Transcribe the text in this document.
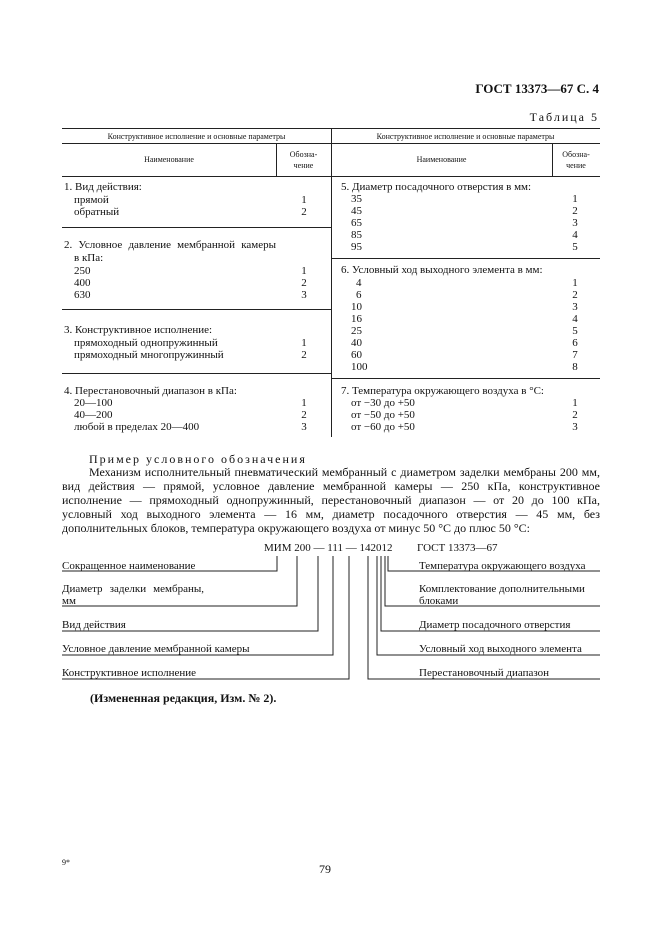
ГОСТ 13373—67 С. 4
Таблица 5
Конструктивное исполнение и основные параметры	Конструктивное исполнение и основные параметры
Наименование
Обозна-
чение
Наименование
Обозна-
чение
1. Вид действия:
прямой	1
обратный	2
2. Условное давление мембранной камеры
в кПа:
250	1
400	2
630	3
3. Конструктивное исполнение:
прямоходный однопружинный	1
прямоходный многопружинный	2
4. Перестановочный диапазон в кПа:
20—100	1
40—200	2
любой в пределах 20—400	3
5. Диаметр посадочного отверстия в мм:
35	1
45	2
65	3
85	4
95	5
6. Условный ход выходного элемента в мм:
4	1
6	2
10	3
16	4
25	5
40	6
60	7
100	8
7. Температура окружающего воздуха в °С:
от −30 до +50	1
от −50 до +50	2
от −60 до +50	3
Пример условного обозначения
Механизм исполнительный пневматический мембранный с диаметром заделки мембраны 200 мм, вид действия — прямой, условное давление мембранной камеры — 250 кПа, конструктивное исполнение — прямоходный однопружинный, перестановочный диапазон — от 20 до 100 кПа, условный ход выходного элемента — 16 мм, диаметр посадочного отверстия — 45 мм, без дополнительных блоков, температура окружающего воздуха от минус 50 °С до плюс 50 °С:
МИМ 200 — 111 — 142012 ГОСТ 13373—67
Сокращенное наименование
Диаметр заделки мембраны,
мм
Вид действия
Условное давление мембранной камеры
Конструктивное исполнение
Температура окружающего воздуха
Комплектование дополнительными
блоками
Диаметр посадочного отверстия
Условный ход выходного элемента
Перестановочный диапазон
(Измененная редакция, Изм. № 2).
9*	79
